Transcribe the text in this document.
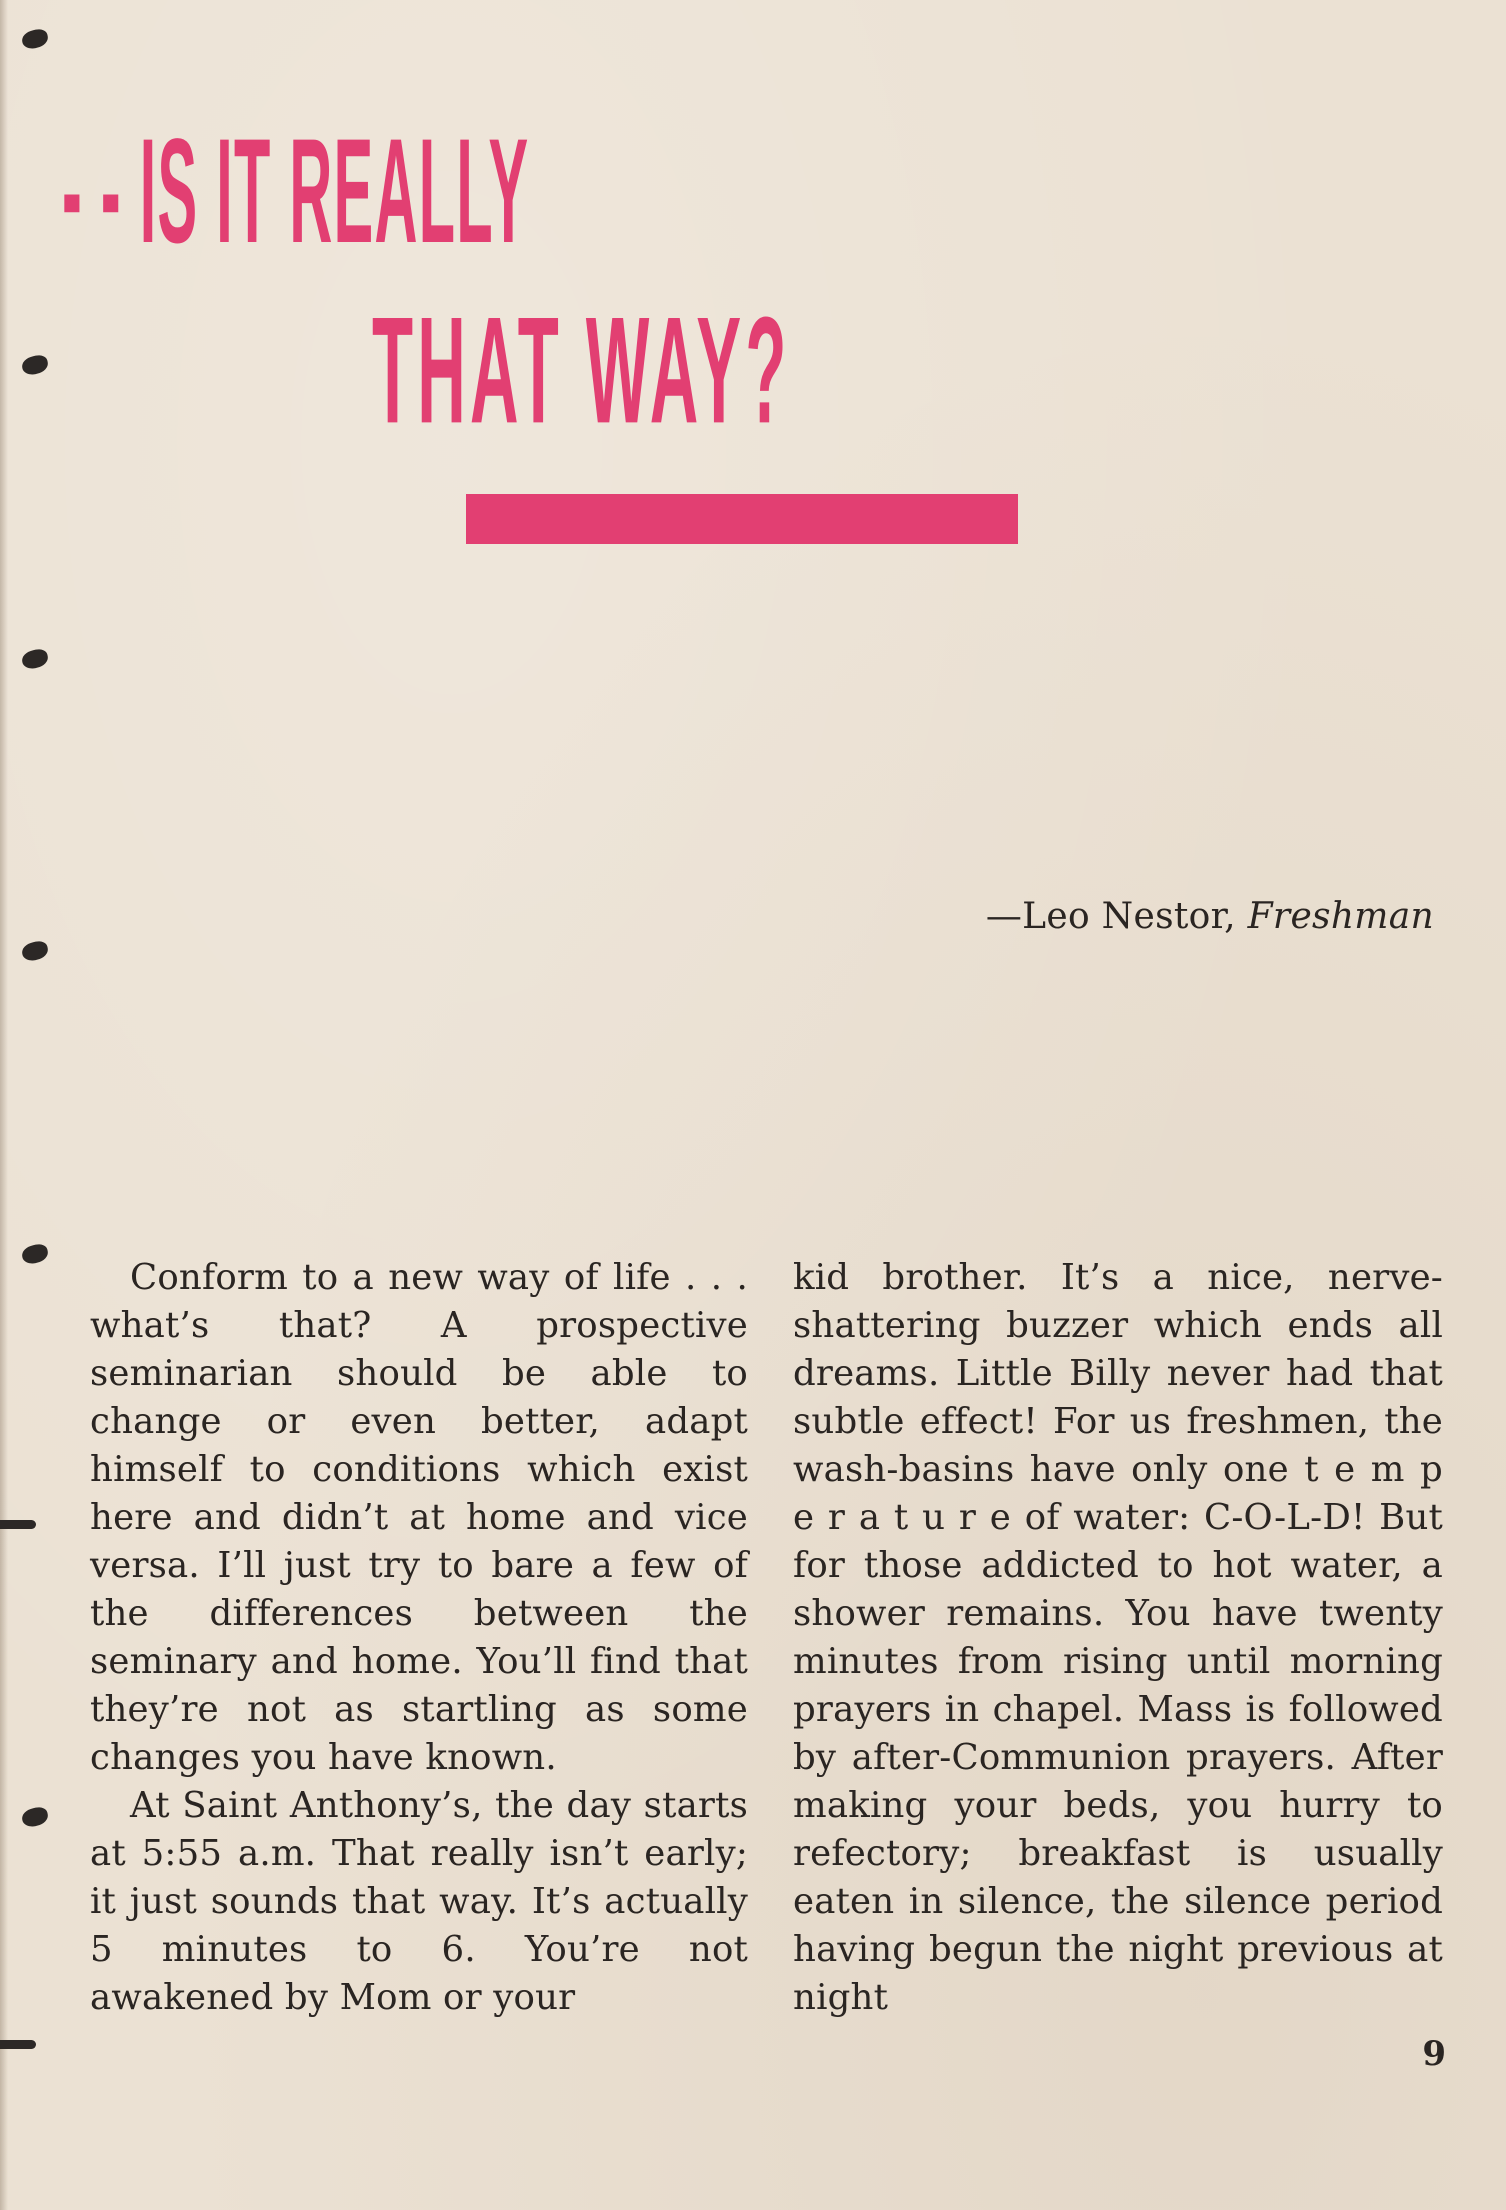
- - IS IT REALLY
THAT WAY?

—Leo Nestor, Freshman

Conform to a new way of life . . . what’s that? A prospective seminarian should be able to change or even better, adapt himself to conditions which exist here and didn’t at home and vice versa. I’ll just try to bare a few of the differences between the seminary and home. You’ll find that they’re not as startling as some changes you have known.

At Saint Anthony’s, the day starts at 5:55 a.m. That really isn’t early; it just sounds that way. It’s actually 5 minutes to 6. You’re not awakened by Mom or your

kid brother. It’s a nice, nerve-shattering buzzer which ends all dreams. Little Billy never had that subtle effect! For us freshmen, the wash-basins have only one t e m p e r a t u r e of water: C-O-L-D! But for those addicted to hot water, a shower remains. You have twenty minutes from rising until morning prayers in chapel. Mass is followed by after-Communion prayers. After making your beds, you hurry to refectory; breakfast is usually eaten in silence, the silence period having begun the night previous at night

9
